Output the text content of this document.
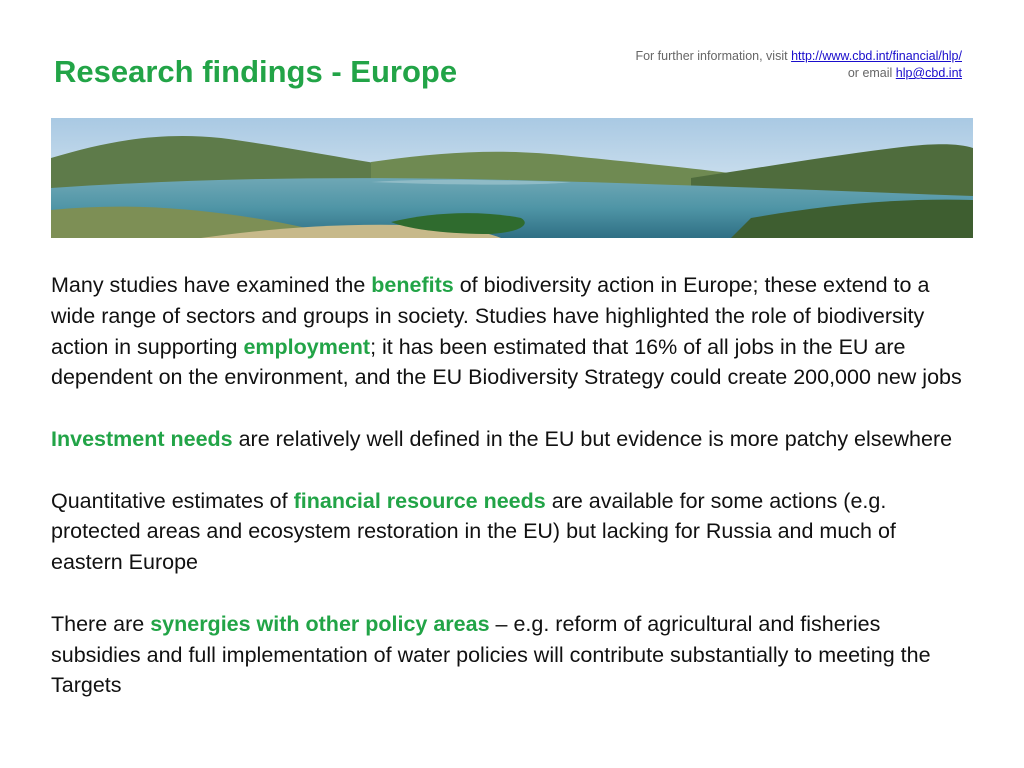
Research findings - Europe	For further information, visit http://www.cbd.int/financial/hlp/
or email hlp@cbd.int

Many studies have examined the benefits of biodiversity action in Europe; these extend to a wide range of sectors and groups in society. Studies have highlighted the role of biodiversity action in supporting employment; it has been estimated that 16% of all jobs in the EU are dependent on the environment, and the EU Biodiversity Strategy could create 200,000 new jobs

Investment needs are relatively well defined in the EU but evidence is more patchy elsewhere

Quantitative estimates of financial resource needs are available for some actions (e.g. protected areas and ecosystem restoration in the EU) but lacking for Russia and much of eastern Europe

There are synergies with other policy areas – e.g. reform of agricultural and fisheries subsidies and full implementation of water policies will contribute substantially to meeting the Targets
